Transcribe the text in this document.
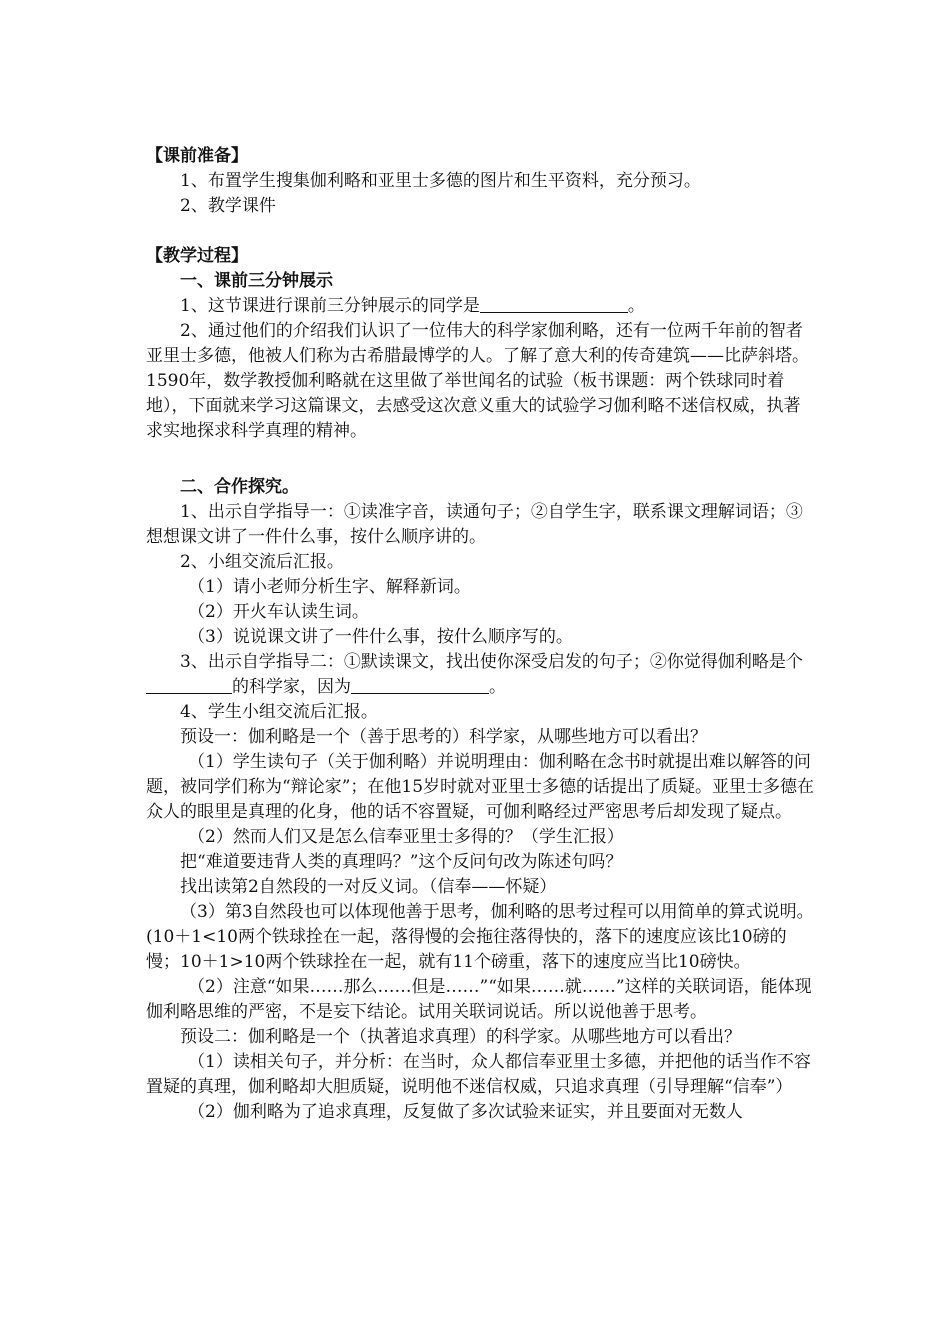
【课前准备】

1、布置学生搜集伽利略和亚里士多德的图片和生平资料，充分预习。

2、教学课件

【教学过程】

一、课前三分钟展示

1、这节课进行课前三分钟展示的同学是	。

2、通过他们的介绍我们认识了一位伟大的科学家伽利略，还有一位两千年前的智者亚里士多德，他被人们称为古希腊最博学的人。了解了意大利的传奇建筑——比萨斜塔。1590年，数学教授伽利略就在这里做了举世闻名的试验（板书课题：两个铁球同时着地），下面就来学习这篇课文，去感受这次意义重大的试验学习伽利略不迷信权威，执著求实地探求科学真理的精神。

二、合作探究。

1、出示自学指导一：①读准字音，读通句子；②自学生字，联系课文理解词语；③想想课文讲了一件什么事，按什么顺序讲的。

2、小组交流后汇报。

（1）请小老师分析生字、解释新词。

（2）开火车认读生词。

（3）说说课文讲了一件什么事，按什么顺序写的。

3、出示自学指导二：①默读课文，找出使你深受启发的句子；②你觉得伽利略是个的科学家，因为	。

4、学生小组交流后汇报。

预设一：伽利略是一个（善于思考的）科学家，从哪些地方可以看出？

（1）学生读句子（关于伽利略）并说明理由：伽利略在念书时就提出难以解答的问题，被同学们称为“辩论家”；在他15岁时就对亚里士多德的话提出了质疑。亚里士多德在众人的眼里是真理的化身，他的话不容置疑，可伽利略经过严密思考后却发现了疑点。

（2）然而人们又是怎么信奉亚里士多得的？（学生汇报）

把“难道要违背人类的真理吗？”这个反问句改为陈述句吗？

找出读第2自然段的一对反义词。（信奉——怀疑）

（3）第3自然段也可以体现他善于思考，伽利略的思考过程可以用简单的算式说明。(10＋1<10两个铁球拴在一起，落得慢的会拖往落得快的，落下的速度应该比10磅的慢；10＋1>10两个铁球拴在一起，就有11个磅重，落下的速度应当比10磅快。

（2）注意“如果……那么……但是……”“如果……就……”这样的关联词语，能体现伽利略思维的严密，不是妄下结论。试用关联词说话。所以说他善于思考。

预设二：伽利略是一个（执著追求真理）的科学家。从哪些地方可以看出？

（1）读相关句子，并分析：在当时，众人都信奉亚里士多德，并把他的话当作不容置疑的真理，伽利略却大胆质疑，说明他不迷信权威，只追求真理（引导理解“信奉”）

（2）伽利略为了追求真理，反复做了多次试验来证实，并且要面对无数人
